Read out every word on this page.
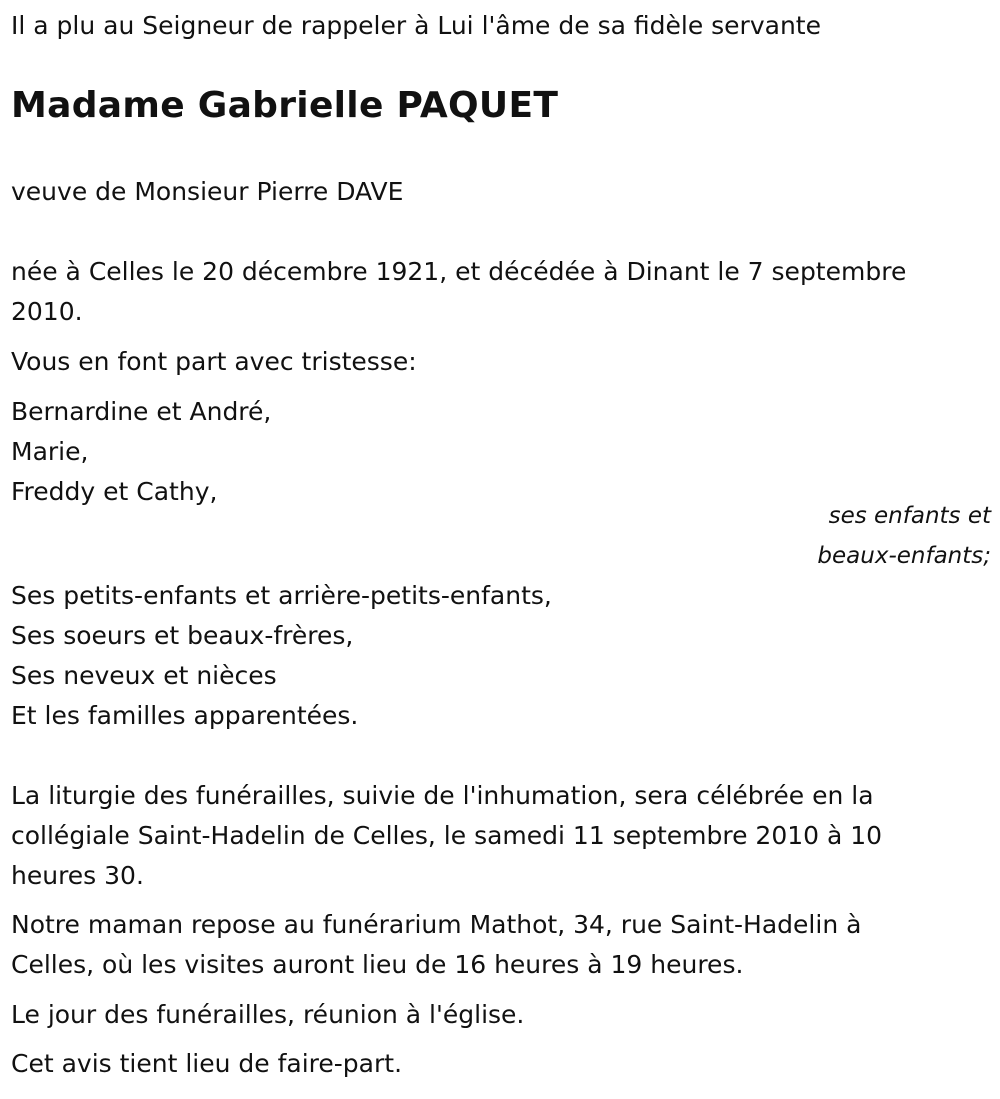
Il a plu au Seigneur de rappeler à Lui l'âme de sa fidèle servante
Madame Gabrielle PAQUET
veuve de Monsieur Pierre DAVE
née à Celles le 20 décembre 1921, et décédée à Dinant le 7 septembre 2010.
Vous en font part avec tristesse:
Bernardine et André,
Marie,
Freddy et Cathy,
ses enfants et beaux-enfants;
Ses petits-enfants et arrière-petits-enfants,
Ses soeurs et beaux-frères,
Ses neveux et nièces
Et les familles apparentées.
La liturgie des funérailles, suivie de l'inhumation, sera célébrée en la collégiale Saint-Hadelin de Celles, le samedi 11 septembre 2010 à 10 heures 30.
Notre maman repose au funérarium Mathot, 34, rue Saint-Hadelin à Celles, où les visites auront lieu de 16 heures à 19 heures.
Le jour des funérailles, réunion à l'église.
Cet avis tient lieu de faire-part.
